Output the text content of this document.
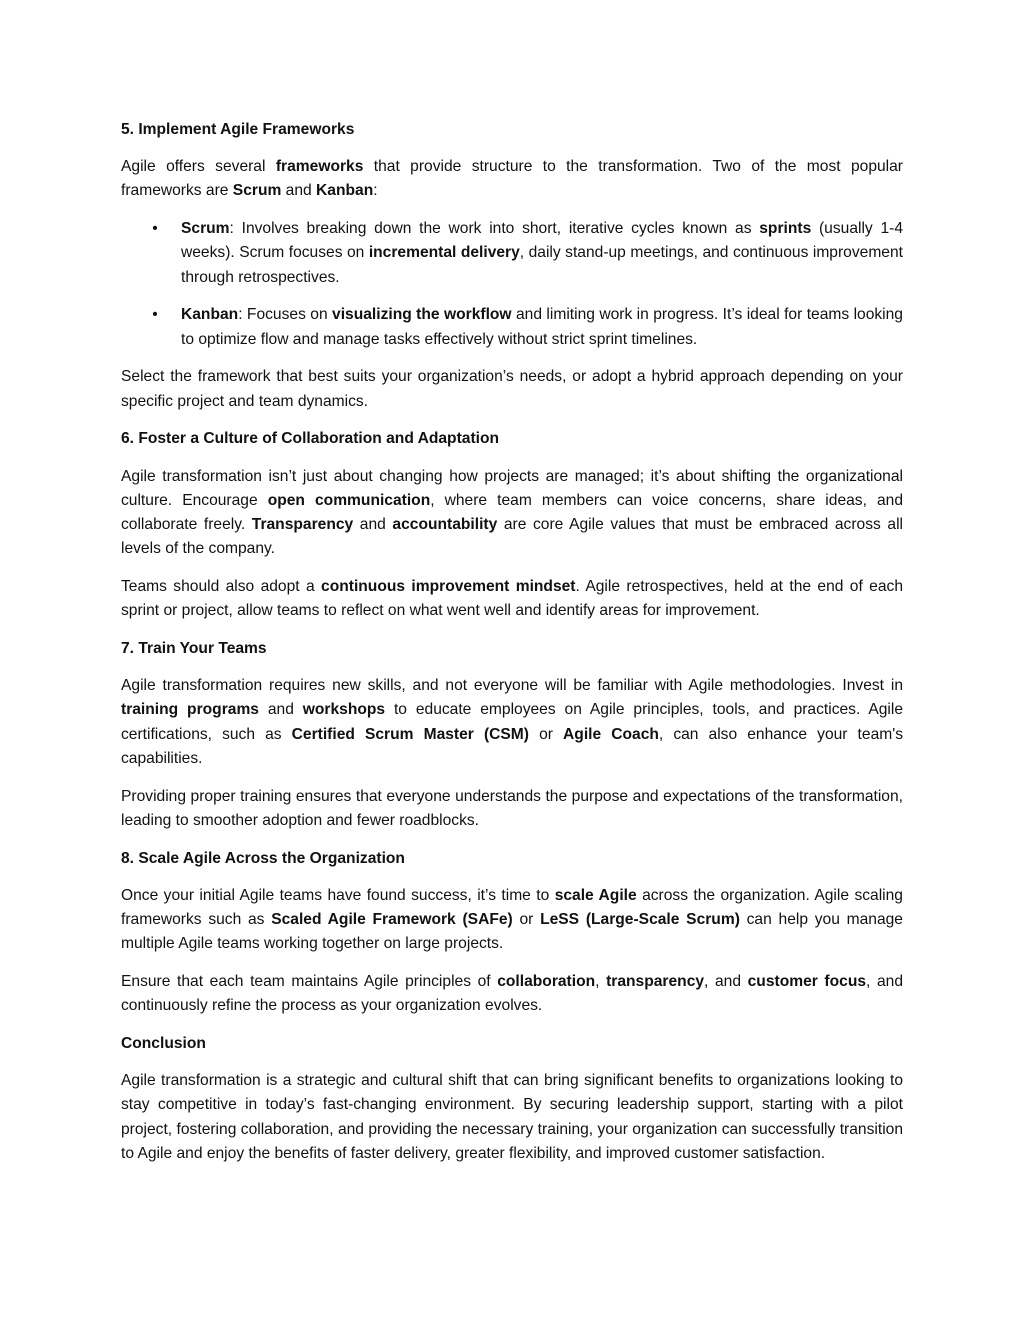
5. Implement Agile Frameworks

Agile offers several frameworks that provide structure to the transformation. Two of the most popular frameworks are Scrum and Kanban:

• Scrum: Involves breaking down the work into short, iterative cycles known as sprints (usually 1-4 weeks). Scrum focuses on incremental delivery, daily stand-up meetings, and continuous improvement through retrospectives.
• Kanban: Focuses on visualizing the workflow and limiting work in progress. It’s ideal for teams looking to optimize flow and manage tasks effectively without strict sprint timelines.

Select the framework that best suits your organization’s needs, or adopt a hybrid approach depending on your specific project and team dynamics.

6. Foster a Culture of Collaboration and Adaptation

Agile transformation isn’t just about changing how projects are managed; it’s about shifting the organizational culture. Encourage open communication, where team members can voice concerns, share ideas, and collaborate freely. Transparency and accountability are core Agile values that must be embraced across all levels of the company.

Teams should also adopt a continuous improvement mindset. Agile retrospectives, held at the end of each sprint or project, allow teams to reflect on what went well and identify areas for improvement.

7. Train Your Teams

Agile transformation requires new skills, and not everyone will be familiar with Agile methodologies. Invest in training programs and workshops to educate employees on Agile principles, tools, and practices. Agile certifications, such as Certified Scrum Master (CSM) or Agile Coach, can also enhance your team's capabilities.

Providing proper training ensures that everyone understands the purpose and expectations of the transformation, leading to smoother adoption and fewer roadblocks.

8. Scale Agile Across the Organization

Once your initial Agile teams have found success, it’s time to scale Agile across the organization. Agile scaling frameworks such as Scaled Agile Framework (SAFe) or LeSS (Large-Scale Scrum) can help you manage multiple Agile teams working together on large projects.

Ensure that each team maintains Agile principles of collaboration, transparency, and customer focus, and continuously refine the process as your organization evolves.

Conclusion

Agile transformation is a strategic and cultural shift that can bring significant benefits to organizations looking to stay competitive in today’s fast-changing environment. By securing leadership support, starting with a pilot project, fostering collaboration, and providing the necessary training, your organization can successfully transition to Agile and enjoy the benefits of faster delivery, greater flexibility, and improved customer satisfaction.
